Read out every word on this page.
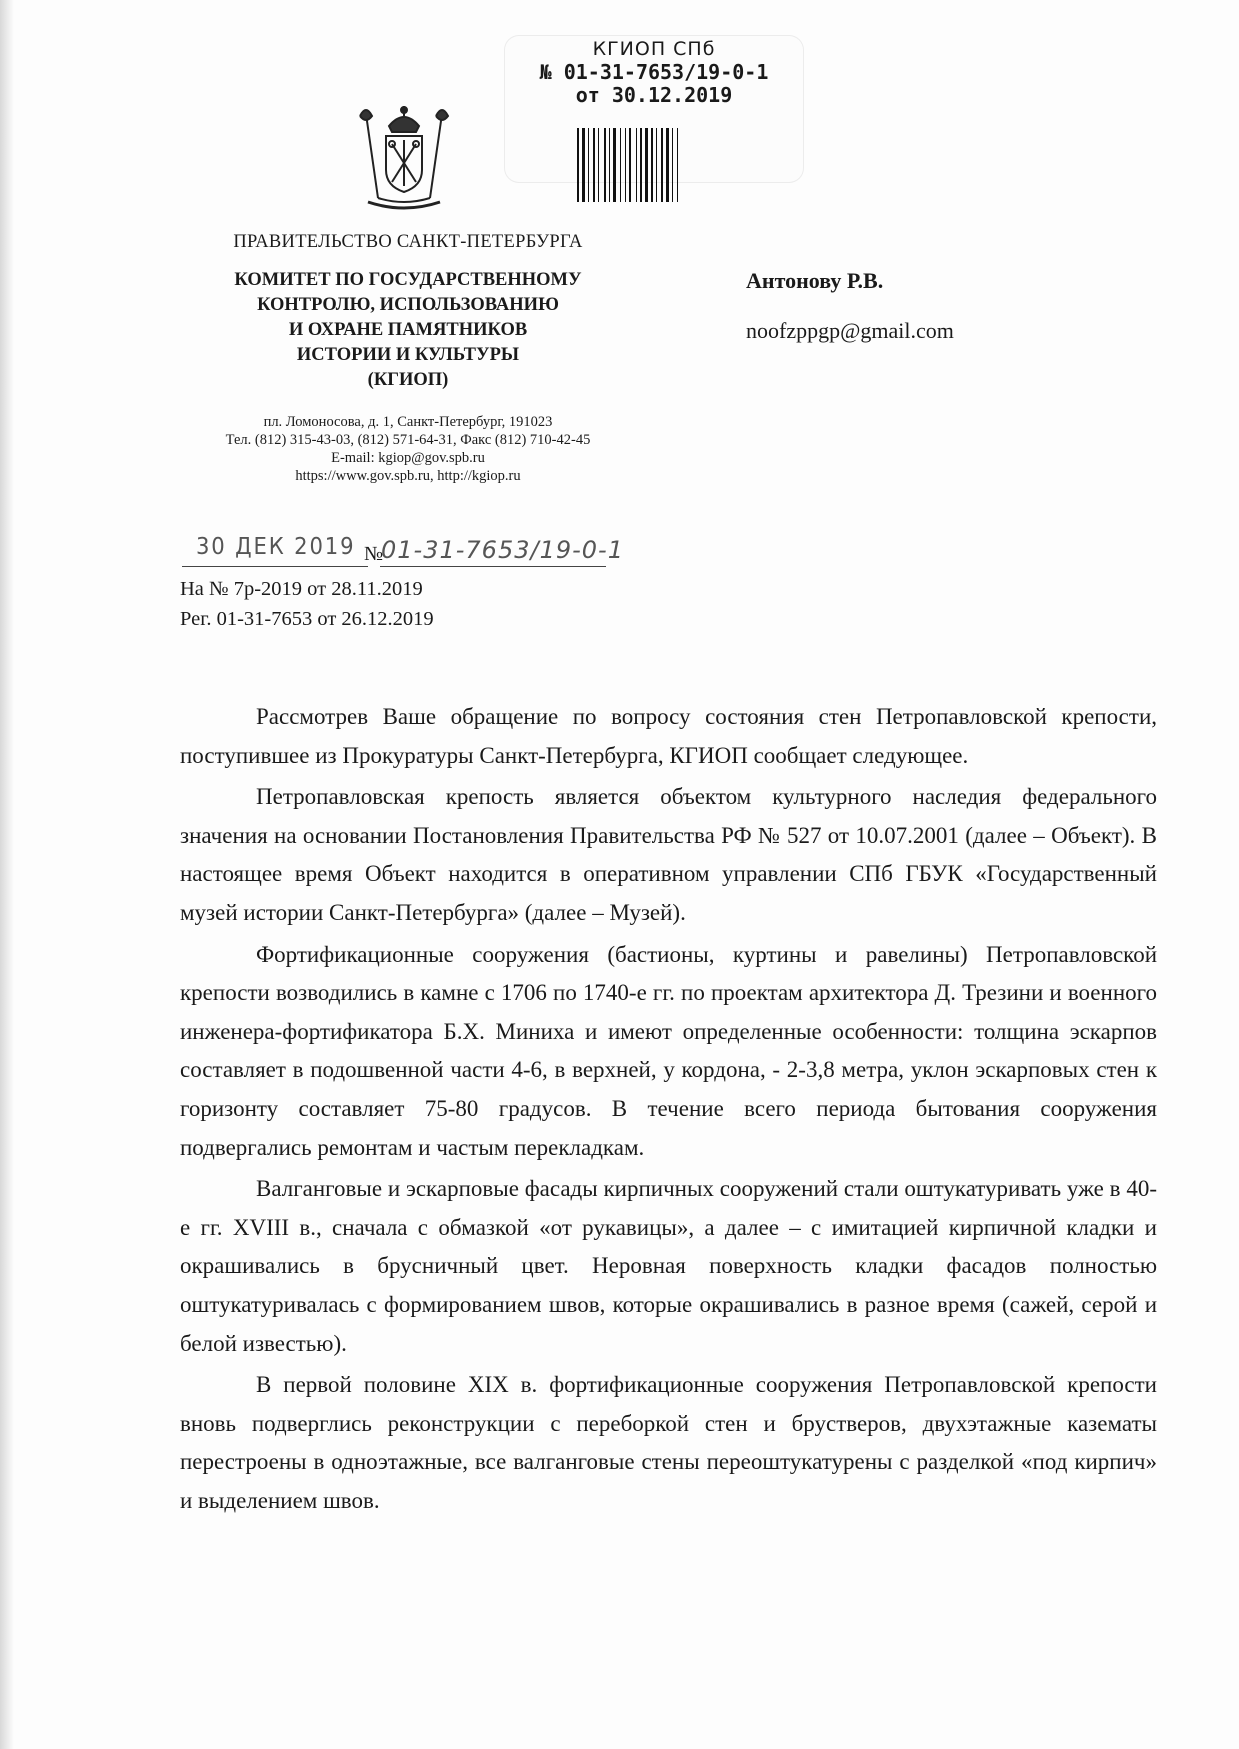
КГИОП СПб
№ 01-31-7653/19-0-1
от 30.12.2019
ПРАВИТЕЛЬСТВО САНКТ-ПЕТЕРБУРГА
КОМИТЕТ ПО ГОСУДАРСТВЕННОМУ
КОНТРОЛЮ, ИСПОЛЬЗОВАНИЮ
И ОХРАНЕ ПАМЯТНИКОВ
ИСТОРИИ И КУЛЬТУРЫ
(КГИОП)
пл. Ломоносова, д. 1, Санкт-Петербург, 191023
Тел. (812) 315-43-03, (812) 571-64-31, Факс (812) 710-42-45
E-mail: kgiop@gov.spb.ru
https://www.gov.spb.ru, http://kgiop.ru
Антонову Р.В.
noofzppgp@gmail.com
30 ДЕК 2019 №
01-31-7653/19-0-1
На № 7р-2019 от 28.11.2019
Рег. 01-31-7653 от 26.12.2019

Рассмотрев Ваше обращение по вопросу состояния стен Петропавловской крепости, поступившее из Прокуратуры Санкт-Петербурга, КГИОП сообщает следующее.

Петропавловская крепость является объектом культурного наследия федерального значения на основании Постановления Правительства РФ № 527 от 10.07.2001 (далее – Объект). В настоящее время Объект находится в оперативном управлении СПб ГБУК «Государственный музей истории Санкт-Петербурга» (далее – Музей).

Фортификационные сооружения (бастионы, куртины и равелины) Петропавловской крепости возводились в камне с 1706 по 1740-е гг. по проектам архитектора Д. Трезини и военного инженера-фортификатора Б.Х. Миниха и имеют определенные особенности: толщина эскарпов составляет в подошвенной части 4-6, в верхней, у кордона, - 2-3,8 метра, уклон эскарповых стен к горизонту составляет 75-80 градусов. В течение всего периода бытования сооружения подвергались ремонтам и частым перекладкам.

Валганговые и эскарповые фасады кирпичных сооружений стали оштукатуривать уже в 40-е гг. XVIII в., сначала с обмазкой «от рукавицы», а далее – с имитацией кирпичной кладки и окрашивались в брусничный цвет. Неровная поверхность кладки фасадов полностью оштукатуривалась с формированием швов, которые окрашивались в разное время (сажей, серой и белой известью).

В первой половине XIX в. фортификационные сооружения Петропавловской крепости вновь подверглись реконструкции с переборкой стен и брустверов, двухэтажные казематы перестроены в одноэтажные, все валганговые стены переоштукатурены с разделкой «под кирпич» и выделением швов.
